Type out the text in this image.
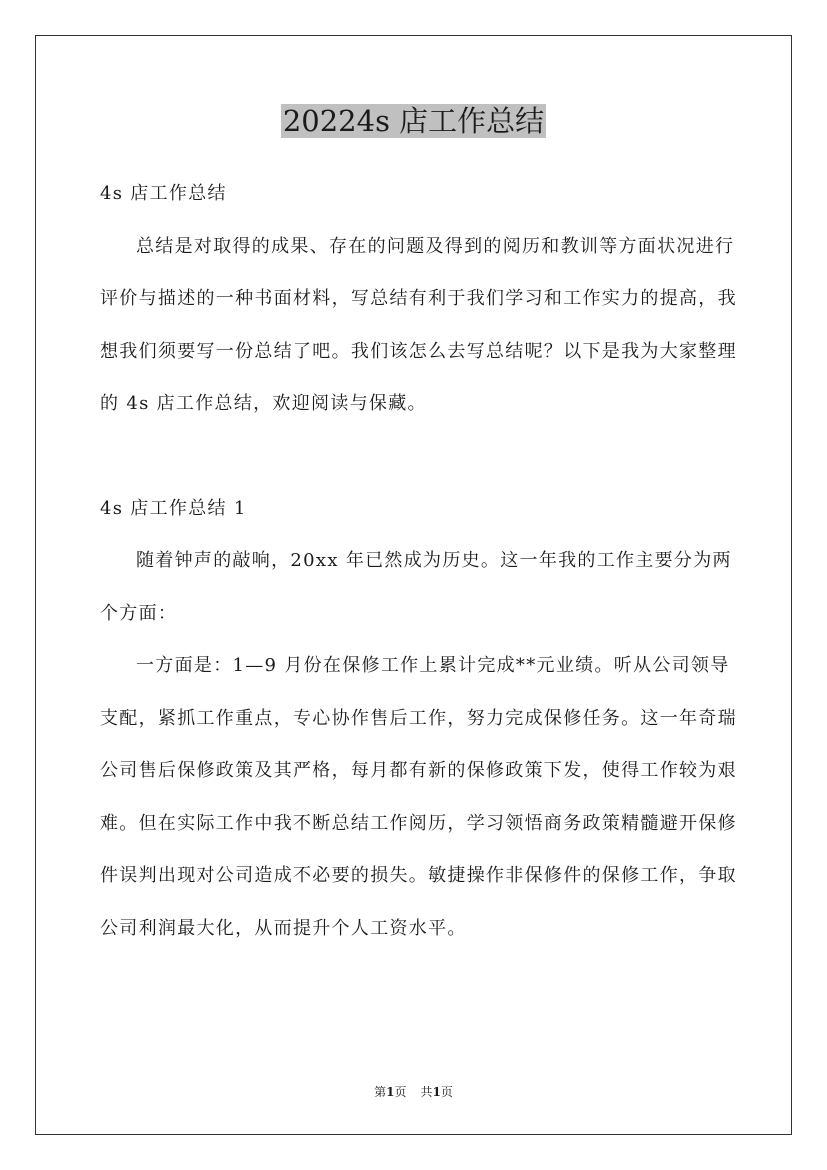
20224s 店工作总结

4s 店工作总结

总结是对取得的成果、存在的问题及得到的阅历和教训等方面状况进行评价与描述的一种书面材料，写总结有利于我们学习和工作实力的提高，我想我们须要写一份总结了吧。我们该怎么去写总结呢？以下是我为大家整理的 4s 店工作总结，欢迎阅读与保藏。

4s 店工作总结 1

随着钟声的敲响，20xx 年已然成为历史。这一年我的工作主要分为两个方面：

一方面是：1—9 月份在保修工作上累计完成**元业绩。听从公司领导支配，紧抓工作重点，专心协作售后工作，努力完成保修任务。这一年奇瑞公司售后保修政策及其严格，每月都有新的保修政策下发，使得工作较为艰难。但在实际工作中我不断总结工作阅历，学习领悟商务政策精髓避开保修件误判出现对公司造成不必要的损失。敏捷操作非保修件的保修工作，争取公司利润最大化，从而提升个人工资水平。

第1页 共1页
